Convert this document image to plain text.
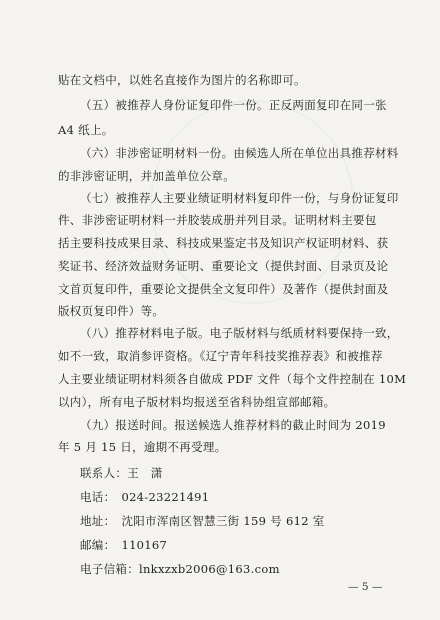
贴在文档中，以姓名直接作为图片的名称即可。
（五）被推荐人身份证复印件一份。正反两面复印在同一张
A4 纸上。
（六）非涉密证明材料一份。由候选人所在单位出具推荐材料
的非涉密证明，并加盖单位公章。
（七）被推荐人主要业绩证明材料复印件一份，与身份证复印
件、非涉密证明材料一并胶装成册并列目录。证明材料主要包
括主要科技成果目录、科技成果鉴定书及知识产权证明材料、获
奖证书、经济效益财务证明、重要论文（提供封面、目录页及论
文首页复印件，重要论文提供全文复印件）及著作（提供封面及
版权页复印件）等。
（八）推荐材料电子版。电子版材料与纸质材料要保持一致，
如不一致，取消参评资格。《辽宁青年科技奖推荐表》和被推荐
人主要业绩证明材料须各自做成 PDF 文件（每个文件控制在 10M
以内），所有电子版材料均报送至省科协组宣部邮箱。
（九）报送时间。报送候选人推荐材料的截止时间为 2019
年 5 月 15 日，逾期不再受理。
联系人：王　潇
电话：　024-23221491
地址：　沈阳市浑南区智慧三街 159 号 612 室
邮编：　110167
电子信箱：lnkxzxb2006@163.com
— 5 —
